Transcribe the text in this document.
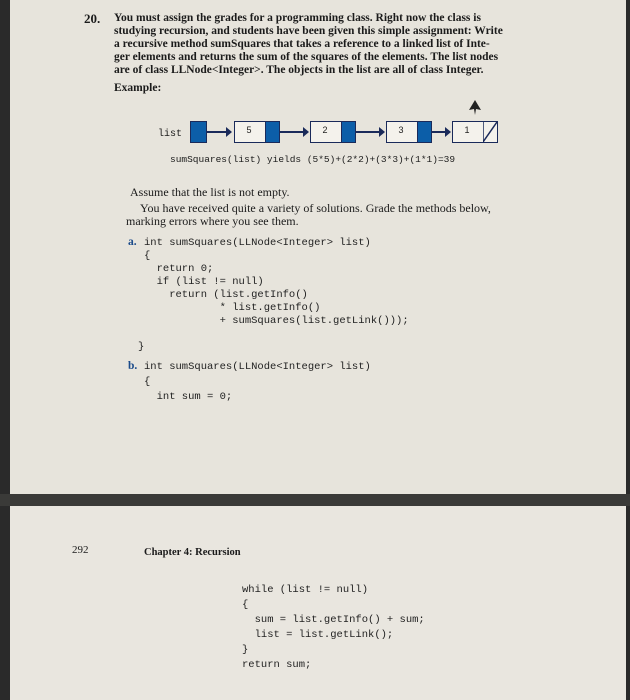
20. You must assign the grades for a programming class. Right now the class is
studying recursion, and students have been given this simple assignment: Write
a recursive method sumSquares that takes a reference to a linked list of Inte-
ger elements and returns the sum of the squares of the elements. The list nodes
are of class LLNode<Integer>. The objects in the list are all of class Integer.
Example:
list	5	2	3	1
sumSquares(list) yields (5*5)+(2*2)+(3*3)+(1*1)=39
Assume that the list is not empty.
You have received quite a variety of solutions. Grade the methods below,
marking errors where you see them.
a. int sumSquares(LLNode<Integer> list)
{
return 0;
if (list != null)
return (list.getInfo()
* list.getInfo()
+ sumSquares(list.getLink()));
}
b. int sumSquares(LLNode<Integer> list)
{
int sum = 0;
292	Chapter 4: Recursion
while (list != null)
{
sum = list.getInfo() + sum;
list = list.getLink();
}
return sum;
